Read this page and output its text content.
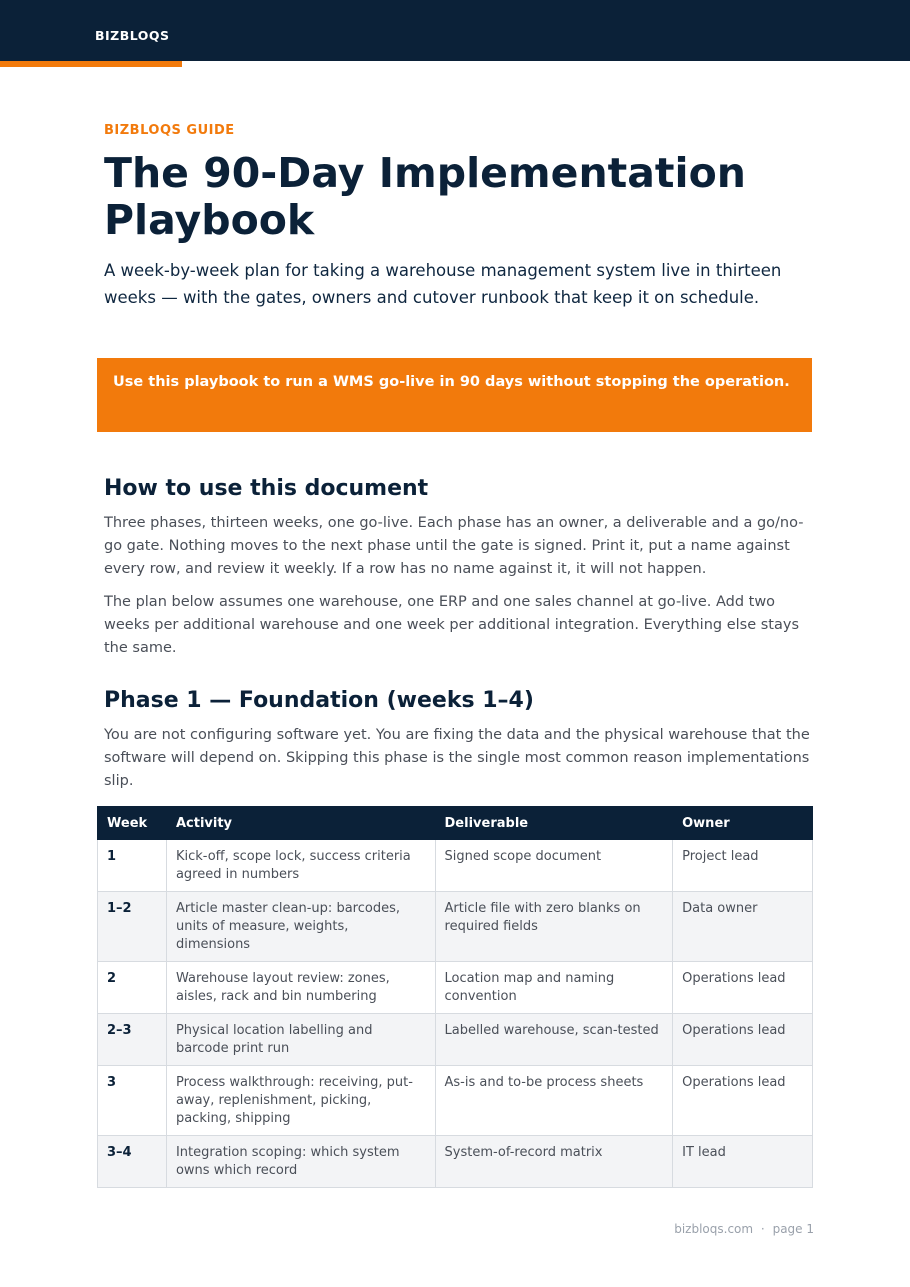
BIZBLOQS
BIZBLOQS GUIDE
The 90-Day Implementation Playbook

A week-by-week plan for taking a warehouse management system live in thirteen weeks — with the gates, owners and cutover runbook that keep it on schedule.

Use this playbook to run a WMS go-live in 90 days without stopping the operation.
How to use this document

Three phases, thirteen weeks, one go-live. Each phase has an owner, a deliverable and a go/no-go gate. Nothing moves to the next phase until the gate is signed. Print it, put a name against every row, and review it weekly. If a row has no name against it, it will not happen.

The plan below assumes one warehouse, one ERP and one sales channel at go-live. Add two weeks per additional warehouse and one week per additional integration. Everything else stays the same.

Phase 1 — Foundation (weeks 1–4)

You are not configuring software yet. You are fixing the data and the physical warehouse that the software will depend on. Skipping this phase is the single most common reason implementations slip.

Week	Activity	Deliverable	Owner
1	Kick-off, scope lock, success criteria agreed in numbers	Signed scope document	Project lead
1–2	Article master clean-up: barcodes, units of measure, weights, dimensions	Article file with zero blanks on required fields	Data owner
2	Warehouse layout review: zones, aisles, rack and bin numbering	Location map and naming convention	Operations lead
2–3	Physical location labelling and barcode print run	Labelled warehouse, scan-tested	Operations lead
3	Process walkthrough: receiving, put-away, replenishment, picking, packing, shipping	As-is and to-be process sheets	Operations lead
3–4	Integration scoping: which system owns which record	System-of-record matrix	IT lead
bizbloqs.com · page 1
